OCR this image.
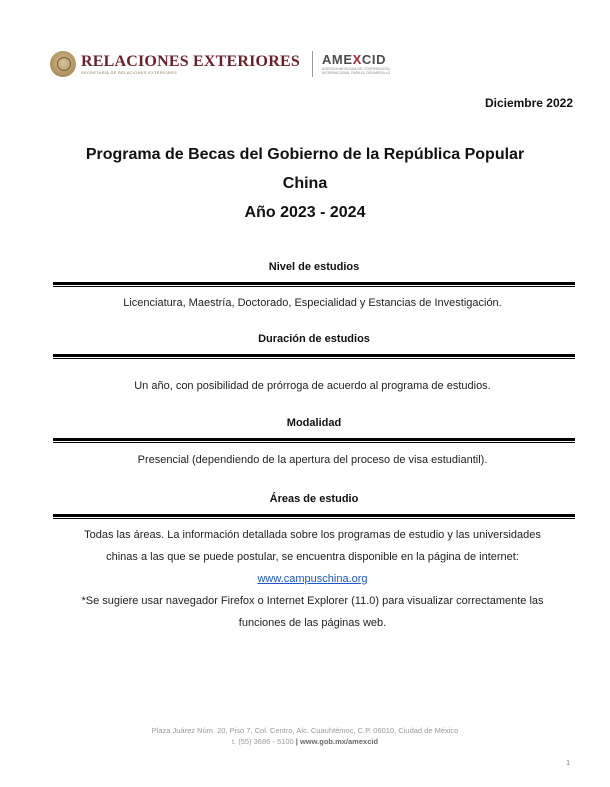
RELACIONES EXTERIORES
SECRETARÍA DE RELACIONES EXTERIORES
AMEXCID
AGENCIA MEXICANA DE COOPERACIÓN
INTERNACIONAL PARA EL DESARROLLO
Diciembre 2022
Programa de Becas del Gobierno de la República Popular
China
Año 2023 - 2024
Nivel de estudios
Licenciatura, Maestría, Doctorado, Especialidad y Estancias de Investigación.
Duración de estudios
Un año, con posibilidad de prórroga de acuerdo al programa de estudios.
Modalidad
Presencial (dependiendo de la apertura del proceso de visa estudiantil).
Áreas de estudio
Todas las áreas. La información detallada sobre los programas de estudio y las universidades
chinas a las que se puede postular, se encuentra disponible en la página de internet:
www.campuschina.org
*Se sugiere usar navegador Firefox o Internet Explorer (11.0) para visualizar correctamente las
funciones de las páginas web.
Plaza Juárez Núm. 20, Piso 7, Col. Centro, Alc. Cuauhtémoc, C.P. 06010, Ciudad de México
t. (55) 3686 - 5100 | www.gob.mx/amexcid
1
